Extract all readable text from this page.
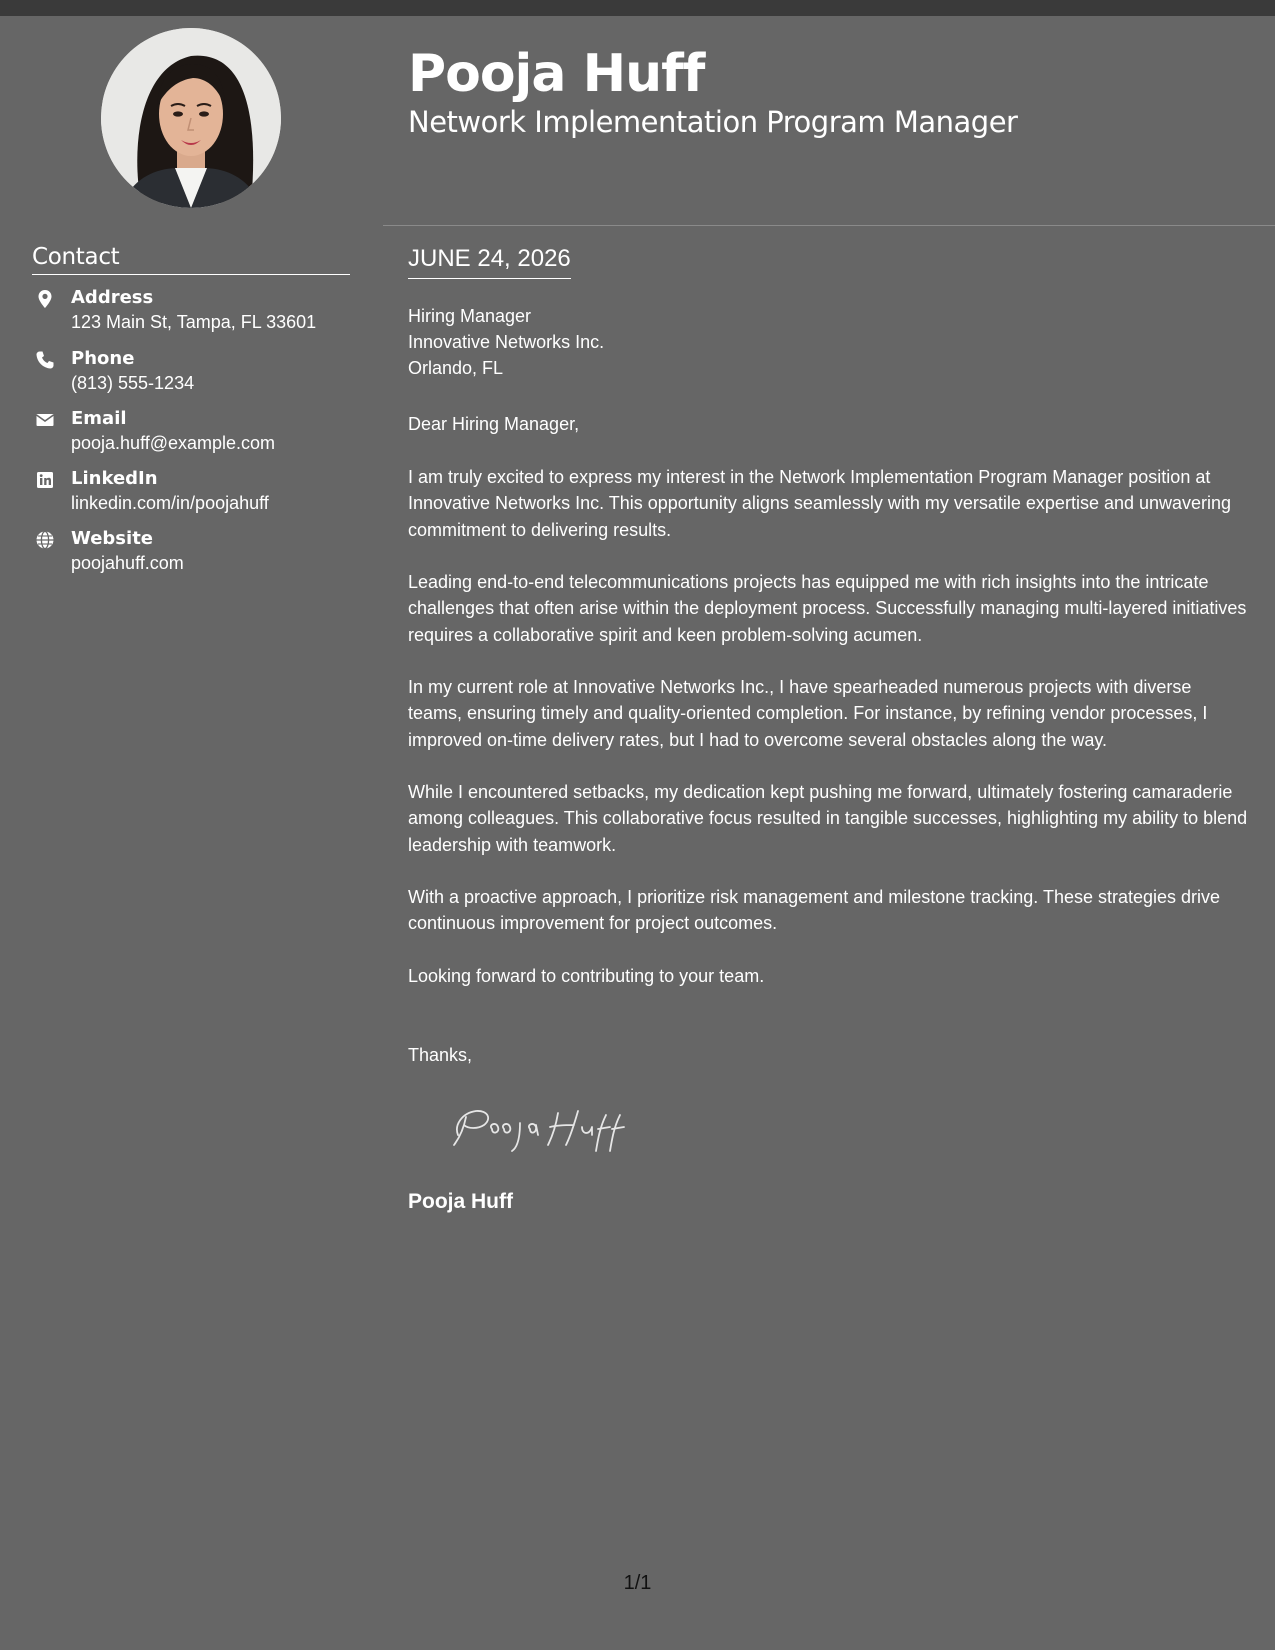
Contact
Address
123 Main St, Tampa, FL 33601
Phone
(813) 555-1234
Email
pooja.huff@example.com
LinkedIn
linkedin.com/in/poojahuff
Website
poojahuff.com
Pooja Huff
Network Implementation Program Manager
JUNE 24, 2026
Hiring Manager
Innovative Networks Inc.
Orlando, FL
Dear Hiring Manager,
I am truly excited to express my interest in the Network Implementation Program Manager position at Innovative Networks Inc. This opportunity aligns seamlessly with my versatile expertise and unwavering commitment to delivering results.
Leading end-to-end telecommunications projects has equipped me with rich insights into the intricate challenges that often arise within the deployment process. Successfully managing multi-layered initiatives requires a collaborative spirit and keen problem-solving acumen.
In my current role at Innovative Networks Inc., I have spearheaded numerous projects with diverse teams, ensuring timely and quality-oriented completion. For instance, by refining vendor processes, I improved on-time delivery rates, but I had to overcome several obstacles along the way.
While I encountered setbacks, my dedication kept pushing me forward, ultimately fostering camaraderie among colleagues. This collaborative focus resulted in tangible successes, highlighting my ability to blend leadership with teamwork.
With a proactive approach, I prioritize risk management and milestone tracking. These strategies drive continuous improvement for project outcomes.
Looking forward to contributing to your team.
Thanks,
Pooja Huff
1/1
